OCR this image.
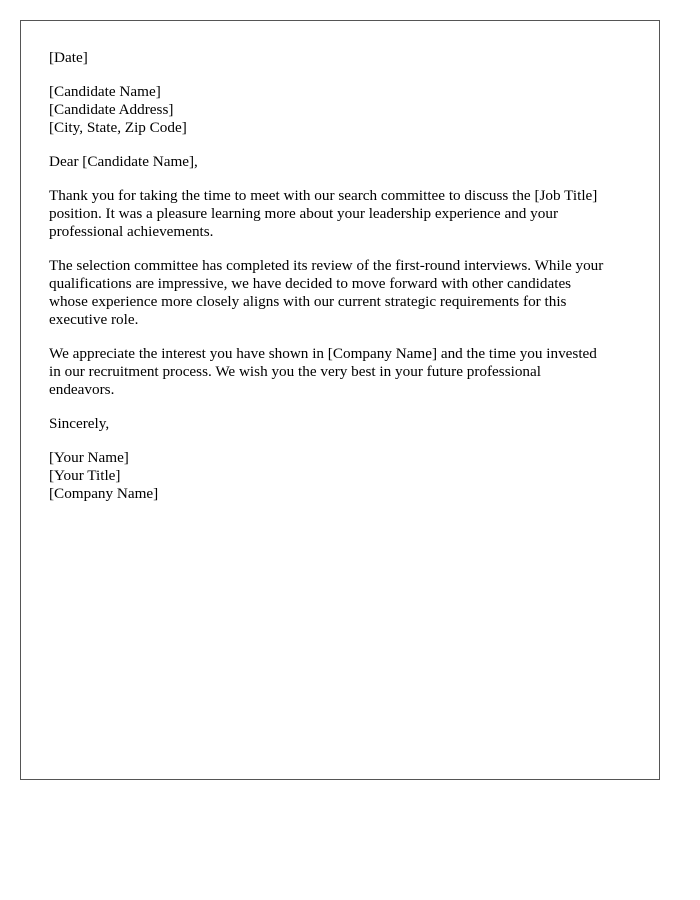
[Date]
[Candidate Name]
[Candidate Address]
[City, State, Zip Code]
Dear [Candidate Name],

Thank you for taking the time to meet with our search committee to discuss the [Job Title]
position. It was a pleasure learning more about your leadership experience and your
professional achievements.

The selection committee has completed its review of the first-round interviews. While your
qualifications are impressive, we have decided to move forward with other candidates
whose experience more closely aligns with our current strategic requirements for this
executive role.

We appreciate the interest you have shown in [Company Name] and the time you invested
in our recruitment process. We wish you the very best in your future professional
endeavors.

Sincerely,
[Your Name]
[Your Title]
[Company Name]
